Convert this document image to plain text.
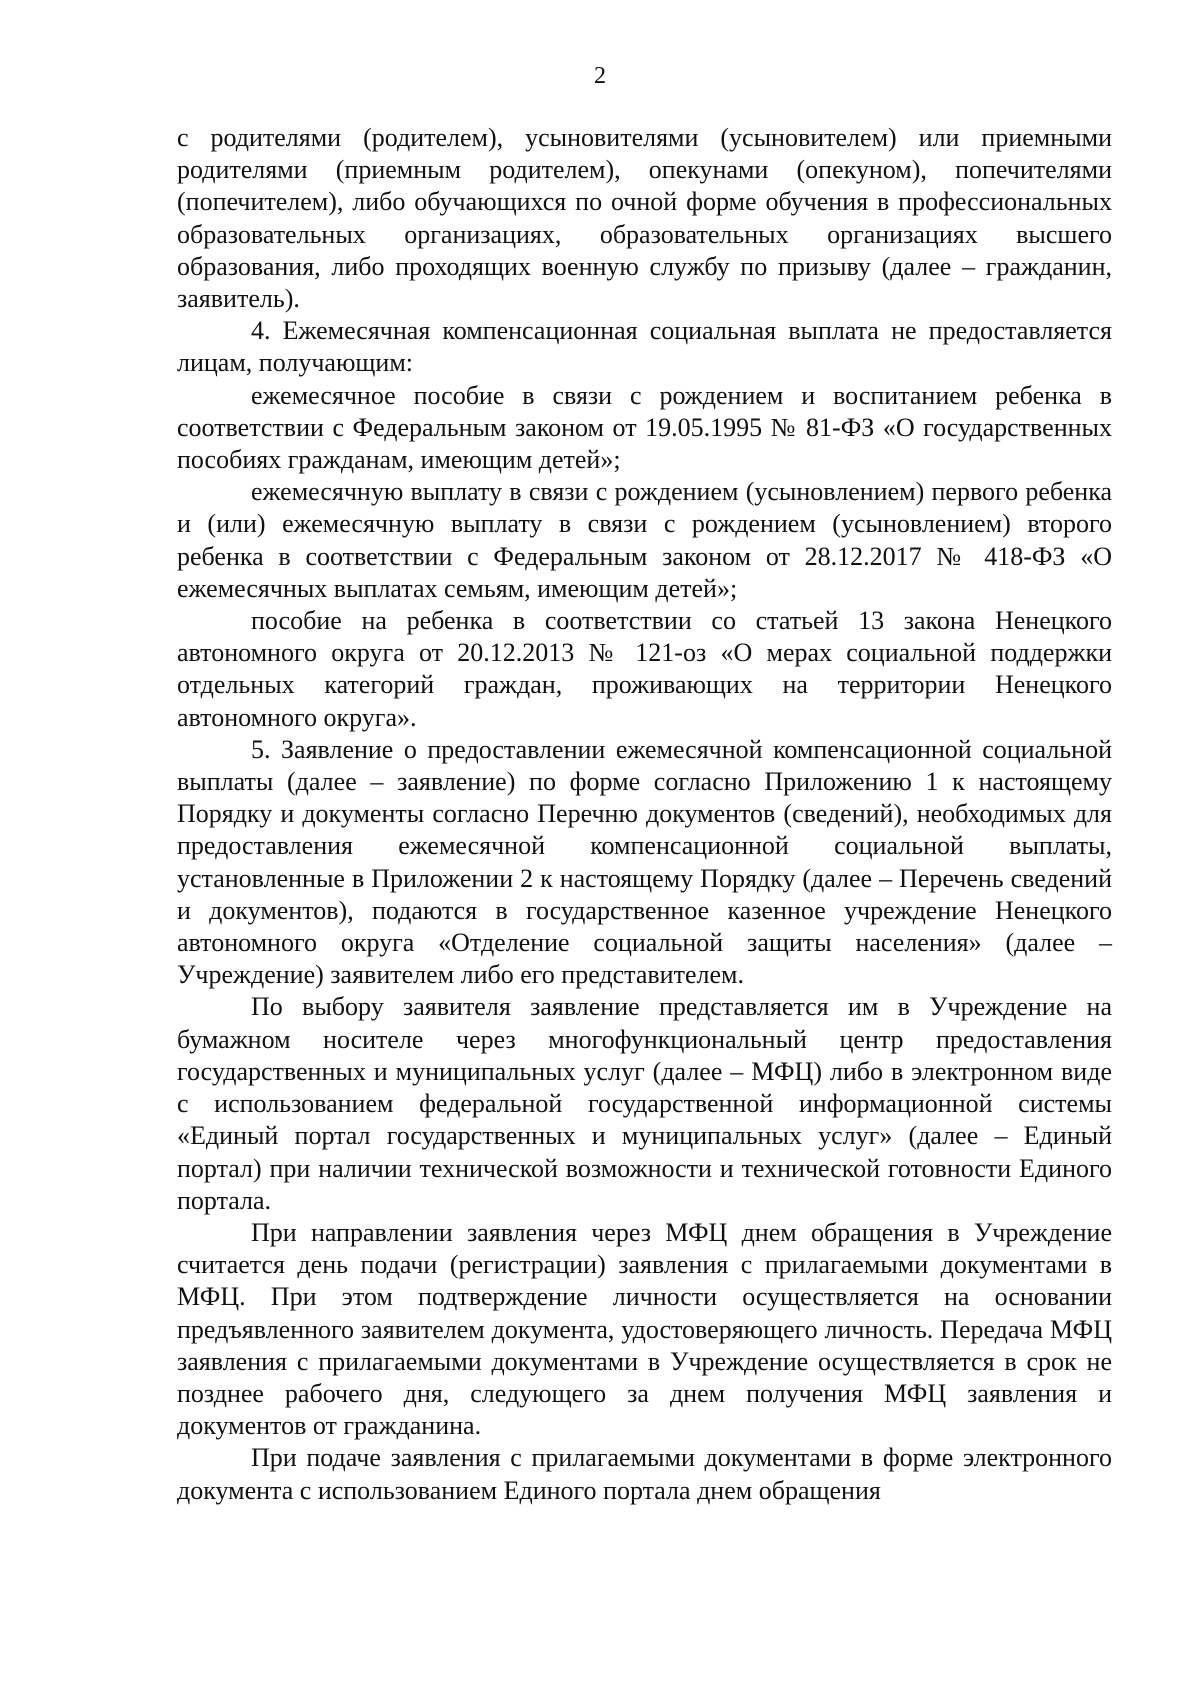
2

с родителями (родителем), усыновителями (усыновителем) или приемными родителями (приемным родителем), опекунами (опекуном), попечителями (попечителем), либо обучающихся по очной форме обучения в профессиональных образовательных организациях, образовательных организациях высшего образования, либо проходящих военную службу по призыву (далее – гражданин, заявитель).

4. Ежемесячная компенсационная социальная выплата не предоставляется лицам, получающим:

ежемесячное пособие в связи с рождением и воспитанием ребенка в соответствии с Федеральным законом от 19.05.1995 № 81-ФЗ «О государственных пособиях гражданам, имеющим детей»;

ежемесячную выплату в связи с рождением (усыновлением) первого ребенка и (или) ежемесячную выплату в связи с рождением (усыновлением) второго ребенка в соответствии с Федеральным законом от 28.12.2017 № 418-ФЗ «О ежемесячных выплатах семьям, имеющим детей»;

пособие на ребенка в соответствии со статьей 13 закона Ненецкого автономного округа от 20.12.2013 № 121-оз «О мерах социальной поддержки отдельных категорий граждан, проживающих на территории Ненецкого автономного округа».

5. Заявление о предоставлении ежемесячной компенсационной социальной выплаты (далее – заявление) по форме согласно Приложению 1 к настоящему Порядку и документы согласно Перечню документов (сведений), необходимых для предоставления ежемесячной компенсационной социальной выплаты, установленные в Приложении 2 к настоящему Порядку (далее – Перечень сведений и документов), подаются в государственное казенное учреждение Ненецкого автономного округа «Отделение социальной защиты населения» (далее – Учреждение) заявителем либо его представителем.

По выбору заявителя заявление представляется им в Учреждение на бумажном носителе через многофункциональный центр предоставления государственных и муниципальных услуг (далее – МФЦ) либо в электронном виде с использованием федеральной государственной информационной системы «Единый портал государственных и муниципальных услуг» (далее – Единый портал) при наличии технической возможности и технической готовности Единого портала.

При направлении заявления через МФЦ днем обращения в Учреждение считается день подачи (регистрации) заявления с прилагаемыми документами в МФЦ. При этом подтверждение личности осуществляется на основании предъявленного заявителем документа, удостоверяющего личность. Передача МФЦ заявления с прилагаемыми документами в Учреждение осуществляется в срок не позднее рабочего дня, следующего за днем получения МФЦ заявления и документов от гражданина.

При подаче заявления с прилагаемыми документами в форме электронного документа с использованием Единого портала днем обращения
